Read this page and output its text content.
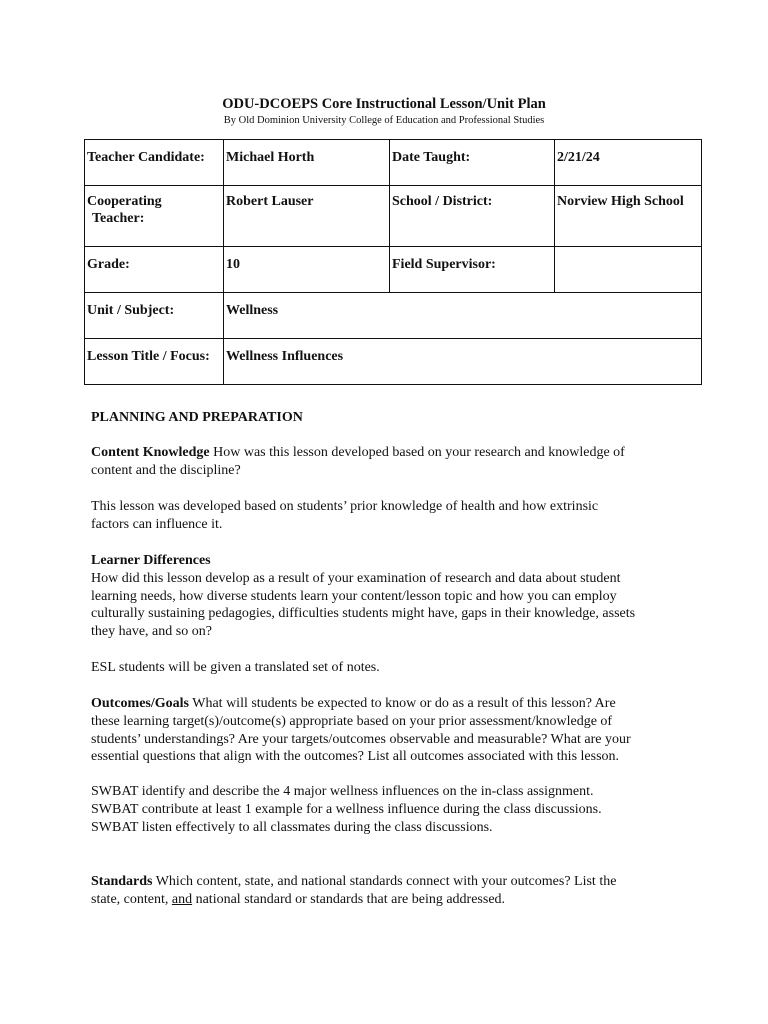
ODU-DCOEPS Core Instructional Lesson/Unit Plan
By Old Dominion University College of Education and Professional Studies
Teacher Candidate:	Michael Horth	Date Taught:	2/21/24
Cooperating
Teacher:	Robert Lauser	School / District:	Norview High School
Grade:	10	Field Supervisor:	
Unit / Subject:	Wellness		
Lesson Title / Focus:	Wellness Influences		
PLANNING AND PREPARATION

Content Knowledge How was this lesson developed based on your research and knowledge of

content and the discipline?

This lesson was developed based on students’ prior knowledge of health and how extrinsic

factors can influence it.

Learner Differences

How did this lesson develop as a result of your examination of research and data about student

learning needs, how diverse students learn your content/lesson topic and how you can employ

culturally sustaining pedagogies, difficulties students might have, gaps in their knowledge, assets

they have, and so on?

ESL students will be given a translated set of notes.

Outcomes/Goals What will students be expected to know or do as a result of this lesson? Are

these learning target(s)/outcome(s) appropriate based on your prior assessment/knowledge of

students’ understandings? Are your targets/outcomes observable and measurable? What are your

essential questions that align with the outcomes? List all outcomes associated with this lesson.

SWBAT identify and describe the 4 major wellness influences on the in-class assignment.

SWBAT contribute at least 1 example for a wellness influence during the class discussions.

SWBAT listen effectively to all classmates during the class discussions.

Standards Which content, state, and national standards connect with your outcomes? List the

state, content, and national standard or standards that are being addressed.
